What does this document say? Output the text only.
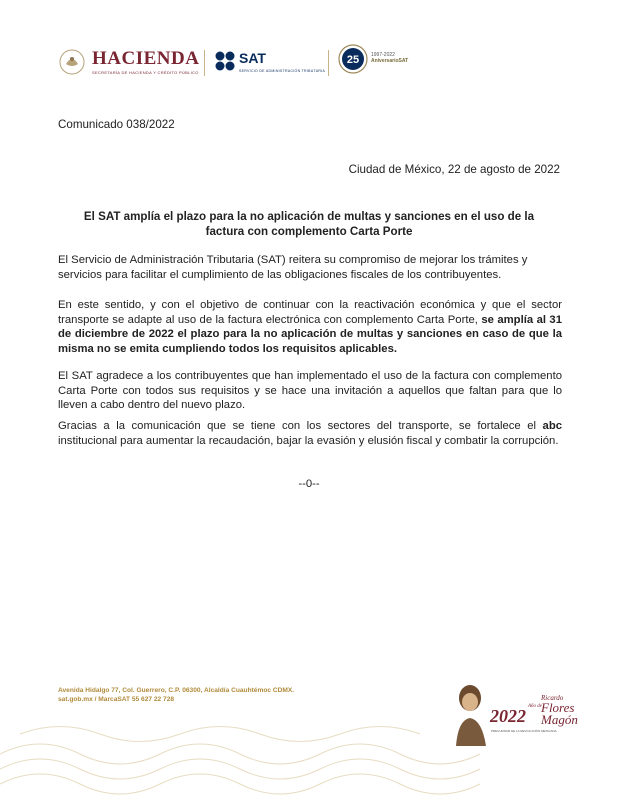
HACIENDA
SECRETARÍA DE HACIENDA Y CRÉDITO PÚBLICO
SAT
SERVICIO DE ADMINISTRACIÓN TRIBUTARIA
25 1997-2022
AniversarioSAT
Comunicado 038/2022
Ciudad de México, 22 de agosto de 2022
El SAT amplía el plazo para la no aplicación de multas y sanciones en el uso de la
factura con complemento Carta Porte
El Servicio de Administración Tributaria (SAT) reitera su compromiso de mejorar los trámites y servicios para facilitar el cumplimiento de las obligaciones fiscales de los contribuyentes.
En este sentido, y con el objetivo de continuar con la reactivación económica y que el sector transporte se adapte al uso de la factura electrónica con complemento Carta Porte, se amplía al 31 de diciembre de 2022 el plazo para la no aplicación de multas y sanciones en caso de que la misma no se emita cumpliendo todos los requisitos aplicables.
El SAT agradece a los contribuyentes que han implementado el uso de la factura con complemento Carta Porte con todos sus requisitos y se hace una invitación a aquellos que faltan para que lo lleven a cabo dentro del nuevo plazo.
Gracias a la comunicación que se tiene con los sectores del transporte, se fortalece el abc institucional para aumentar la recaudación, bajar la evasión y elusión fiscal y combatir la corrupción.
--0--
Avenida Hidalgo 77, Col. Guerrero, C.P. 06300, Alcaldía Cuauhtémoc CDMX.
sat.gob.mx / MarcaSAT 55 627 22 728
2022
Ricardo
Año de
Flores
Magón
PRECURSOR DE LA REVOLUCIÓN MEXICANA
